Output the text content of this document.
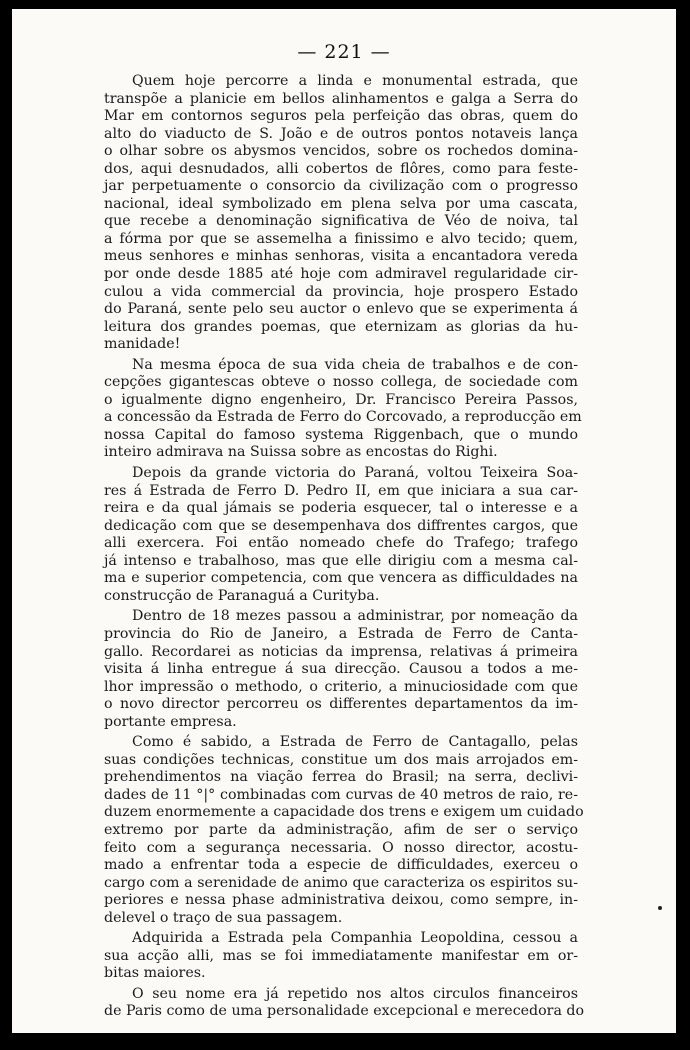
— 221 —
Quem hoje percorre a linda e monumental estrada, que
transpõe a planicie em bellos alinhamentos e galga a Serra do
Mar em contornos seguros pela perfeição das obras, quem do
alto do viaducto de S. João e de outros pontos notaveis lança
o olhar sobre os abysmos vencidos, sobre os rochedos domina-
dos, aqui desnudados, alli cobertos de flôres, como para feste-
jar perpetuamente o consorcio da civilização com o progresso
nacional, ideal symbolizado em plena selva por uma cascata,
que recebe a denominação significativa de Véo de noiva, tal
a fórma por que se assemelha a finissimo e alvo tecido; quem,
meus senhores e minhas senhoras, visita a encantadora vereda
por onde desde 1885 até hoje com admiravel regularidade cir-
culou a vida commercial da provincia, hoje prospero Estado
do Paraná, sente pelo seu auctor o enlevo que se experimenta á
leitura dos grandes poemas, que eternizam as glorias da hu-
manidade!
Na mesma época de sua vida cheia de trabalhos e de con-
cepções gigantescas obteve o nosso collega, de sociedade com
o igualmente digno engenheiro, Dr. Francisco Pereira Passos,
a concessão da Estrada de Ferro do Corcovado, a reproducção em
nossa Capital do famoso systema Riggenbach, que o mundo
inteiro admirava na Suissa sobre as encostas do Righi.
Depois da grande victoria do Paraná, voltou Teixeira Soa-
res á Estrada de Ferro D. Pedro II, em que iniciara a sua car-
reira e da qual jámais se poderia esquecer, tal o interesse e a
dedicação com que se desempenhava dos diffrentes cargos, que
alli exercera. Foi então nomeado chefe do Trafego; trafego
já intenso e trabalhoso, mas que elle dirigiu com a mesma cal-
ma e superior competencia, com que vencera as difficuldades na
construcção de Paranaguá a Curityba.
Dentro de 18 mezes passou a administrar, por nomeação da
provincia do Rio de Janeiro, a Estrada de Ferro de Canta-
gallo. Recordarei as noticias da imprensa, relativas á primeira
visita á linha entregue á sua direcção. Causou a todos a me-
lhor impressão o methodo, o criterio, a minuciosidade com que
o novo director percorreu os differentes departamentos da im-
portante empresa.
Como é sabido, a Estrada de Ferro de Cantagallo, pelas
suas condições technicas, constitue um dos mais arrojados em-
prehendimentos na viação ferrea do Brasil; na serra, declivi-
dades de 11 °|° combinadas com curvas de 40 metros de raio, re-
duzem enormemente a capacidade dos trens e exigem um cuidado
extremo por parte da administração, afim de ser o serviço
feito com a segurança necessaria. O nosso director, acostu-
mado a enfrentar toda a especie de difficuldades, exerceu o
cargo com a serenidade de animo que caracteriza os espiritos su-
periores e nessa phase administrativa deixou, como sempre, in-
delevel o traço de sua passagem.
Adquirida a Estrada pela Companhia Leopoldina, cessou a
sua acção alli, mas se foi immediatamente manifestar em or-
bitas maiores.
O seu nome era já repetido nos altos circulos financeiros
de Paris como de uma personalidade excepcional e merecedora do
